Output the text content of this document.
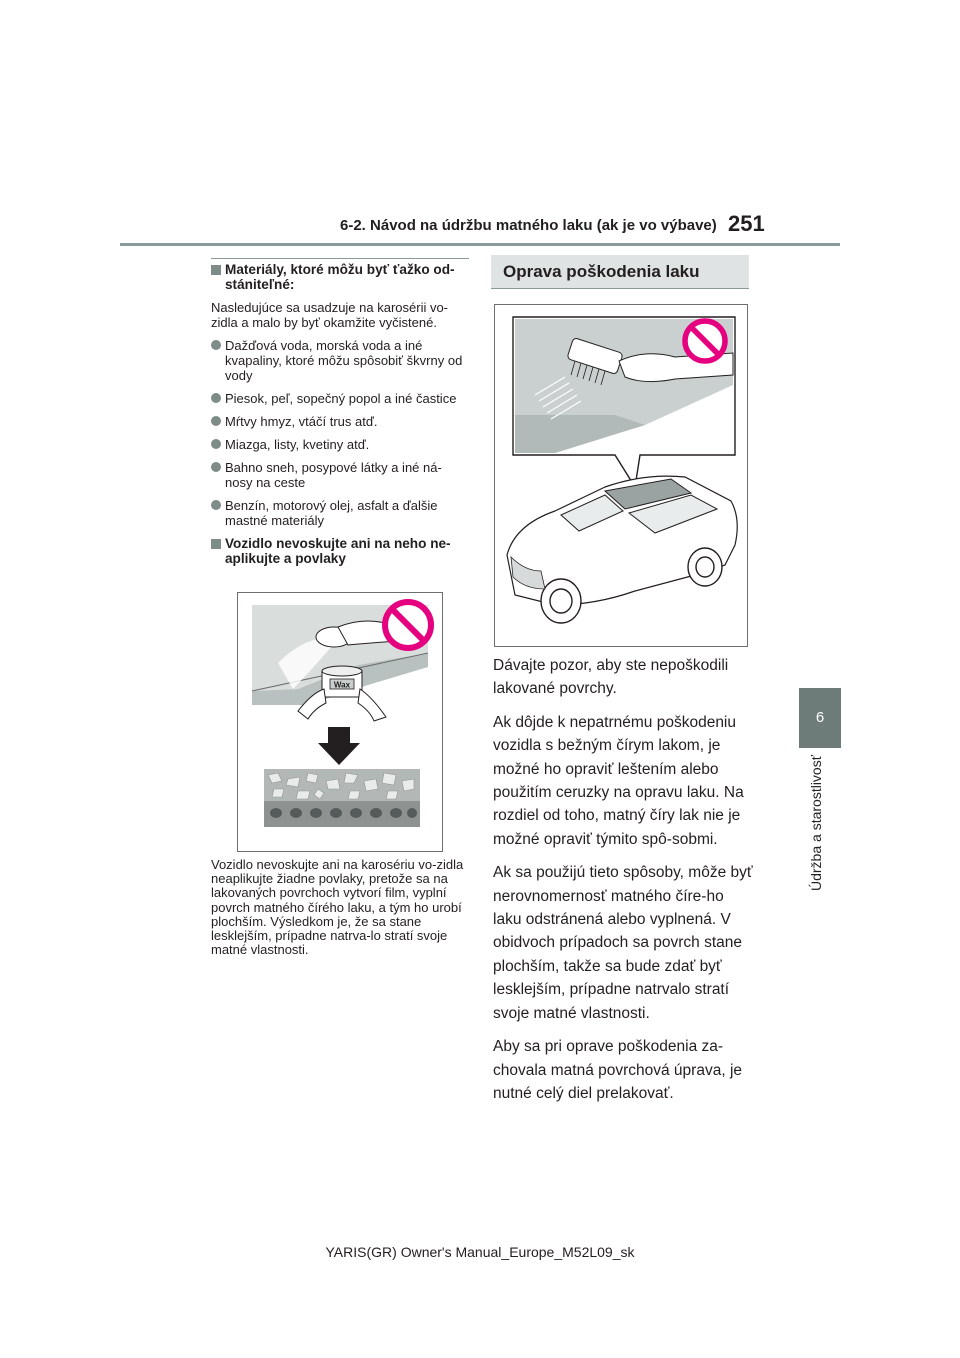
6-2. Návod na údržbu matného laku (ak je vo výbave) 251
6
Údržba a starostlivosť
Materiály, ktoré môžu byť ťažko od-stániteľné:
Nasledujúce sa usadzuje na karosérii vo-zidla a malo by byť okamžite vyčistené.
Dažďová voda, morská voda a iné kvapaliny, ktoré môžu spôsobiť škvrny od vody
Piesok, peľ, sopečný popol a iné častice
Mŕtvy hmyz, vtáčí trus atď.
Miazga, listy, kvetiny atď.
Bahno sneh, posypové látky a iné ná-nosy na ceste
Benzín, motorový olej, asfalt a ďalšie mastné materiály
Vozidlo nevoskujte ani na neho ne-aplikujte a povlaky
Wax
Vozidlo nevoskujte ani na karosériu vo-zidla neaplikujte žiadne povlaky, pretože sa na lakovaných povrchoch vytvorí film, vyplní povrch matného čírého laku, a tým ho urobí plochším. Výsledkom je, že sa stane lesklejším, prípadne natrva-lo stratí svoje matné vlastnosti.
Oprava poškodenia laku

Dávajte pozor, aby ste nepoškodili lakované povrchy.

Ak dôjde k nepatrnému poškodeniu vozidla s bežným čírym lakom, je možné ho opraviť leštením alebo použitím ceruzky na opravu laku. Na rozdiel od toho, matný číry lak nie je možné opraviť týmito spô-sobmi.

Ak sa použijú tieto spôsoby, môže byť nerovnomernosť matného číre-ho laku odstránená alebo vyplnená. V obidvoch prípadoch sa povrch stane plochším, takže sa bude zdať byť lesklejším, prípadne natrvalo stratí svoje matné vlastnosti.

Aby sa pri oprave poškodenia za-chovala matná povrchová úprava, je nutné celý diel prelakovať.

YARIS(GR) Owner's Manual_Europe_M52L09_sk
